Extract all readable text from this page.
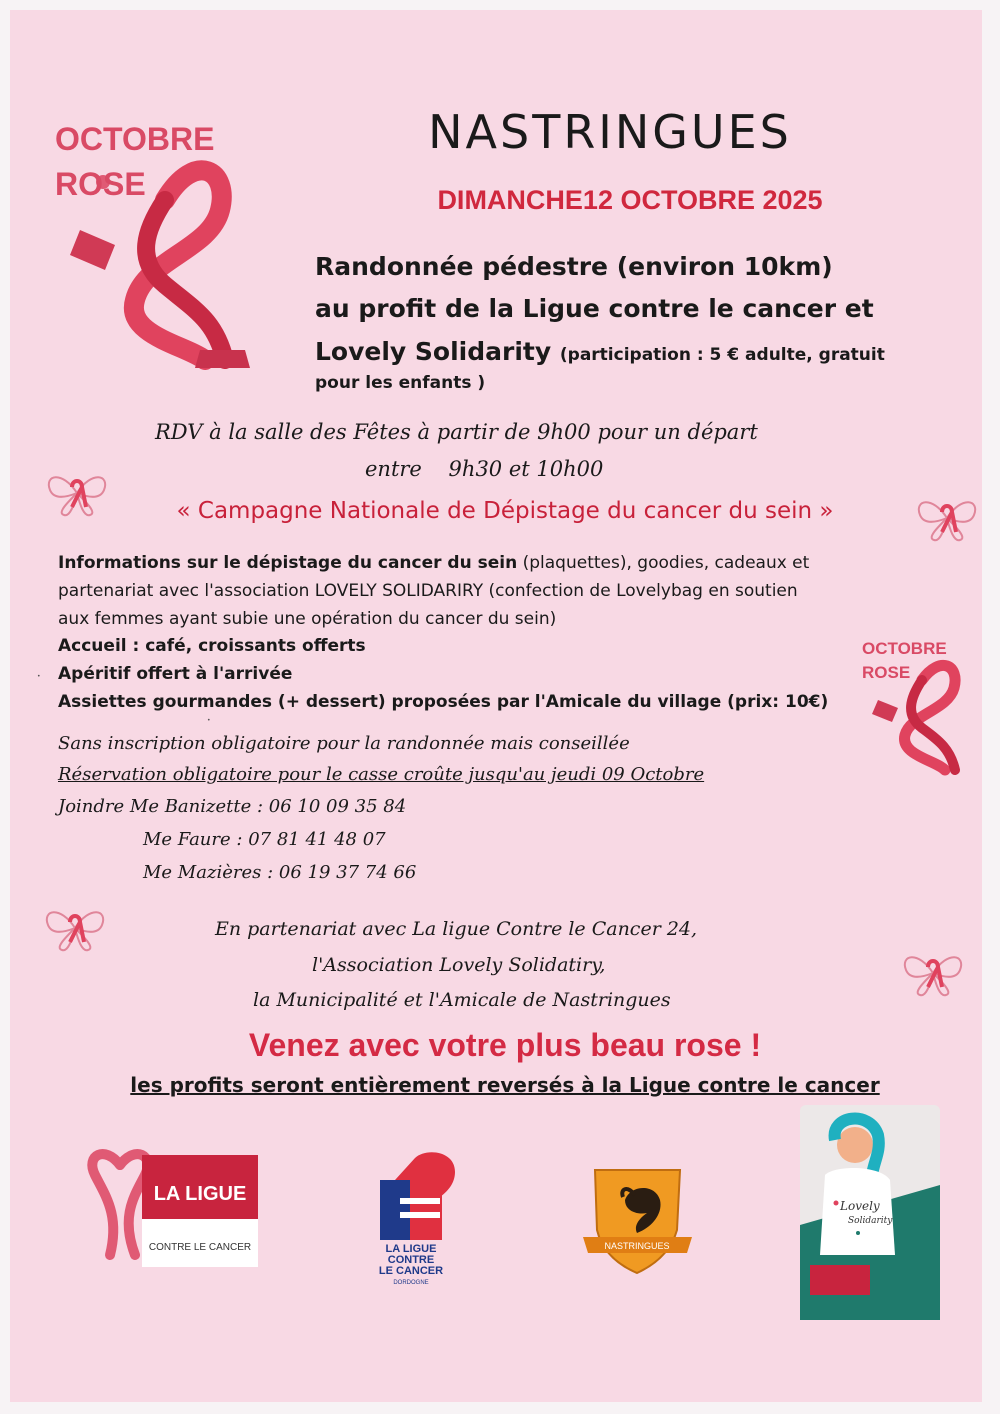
OCTOBRE
ROSE
NASTRINGUES
DIMANCHE12 OCTOBRE 2025
Randonnée pédestre (environ 10km)
au profit de la Ligue contre le cancer et
Lovely Solidarity (participation : 5 € adulte, gratuit
pour les enfants )
RDV à la salle des Fêtes à partir de 9h00 pour un départ
entre    9h30 et 10h00
« Campagne Nationale de Dépistage du cancer du sein »
Informations sur le dépistage du cancer du sein (plaquettes), goodies, cadeaux et
partenariat avec l'association LOVELY SOLIDARIRY (confection de Lovelybag en soutien
aux femmes ayant subie une opération du cancer du sein)
Accueil : café, croissants offerts
Apéritif offert à l'arrivée
Assiettes gourmandes (+ dessert) proposées par l'Amicale du village (prix: 10€)
OCTOBRE
ROSE
Sans inscription obligatoire pour la randonnée mais conseillée
Réservation obligatoire pour le casse croûte jusqu'au jeudi 09 Octobre
Joindre Me Banizette : 06 10 09 35 84
Me Faure : 07 81 41 48 07
Me Mazières : 06 19 37 74 66
En partenariat avec La ligue Contre le Cancer 24,
l'Association Lovely Solidatiry,
la Municipalité et l'Amicale de Nastringues
Venez avec votre plus beau rose !
les profits seront entièrement reversés à la Ligue contre le cancer
LA LIGUE
CONTRE LE CANCER	LA LIGUE
CONTRE
LE CANCER
DORDOGNE
NASTRINGUES
Lovely
Solidarity
•
•
